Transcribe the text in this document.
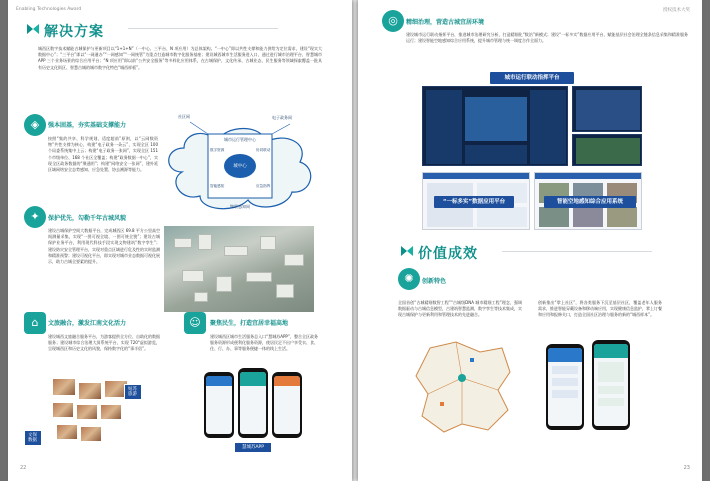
Enabling Technologies Award
解决方案
城西区数字技术赋能吉城保护与更新项目以“1+1+N”（一中心、三平台、N 项应用）为总体架构。“一中心”即以共性支撑和能力供给为定位需求，建设“现实大数据中心”；“三平台”即以“一网通办”“一网感知”“一网统管”为重点打造城市数字化服务基座；建设城西城市生活服务进入口，通过进行城市治理平台，智慧城市 APP 三个业务场景的综合应用平台；“N 项应用”即以前“公共安全服务”等多样化应用体系，在古城保护，文化传承、古城业态、民生服务等领域探索覆盖一批具有历史文化街区、智慧古城的城市数字化特色“城西样板”。
◈	强本固基，夯实基础支撑能力
按照“集约共享、科学规划、适度超前”原则，以“云网数资物”共性支撑为核心，构建“电子政务一朵云”，实现全区 100 个局委系统集中上云；构建“电子政务一张网”，实现全区 151 个市级单位、168 个社区全覆盖；构建“政务数据一中心”，实现全区政务数据的“聚通用”；构建“网络安全一张网”，建外延区域网络安全态势感知、应急处置、协去溯源等能力。
社区网	电子政务网
城市运行管理中心
城中心
数字资源
智能感知
协同联动
应急指挥
物联感知网
✦	保护优先，勾勒千年古城风貌
建设古城保护空间大数据平台，完成城西区 69.8 平方公里高空间测量采集，实现“一图可视全境、一图可统全貌”；建设古城保护业务平台，利用现代科技手段实现文物建筑“数字孪生”；建设防灾安全管理平台，实现对重点区域进行危及性的实时监测和精准预警；建设可视化平台，即实现对城市业态数据可视化展示，助力古城全要素的提升。
⌂	文旅融合，激发江南文化活力
建设城西文旅融合服务平台，为游客提供全方位、自助化的数据服务；建设城市综合治理大屏系统平台，实现 720°虚拟游览，呈现城西区和历史文化的风貌，保持数字化的“事半倍”。
☺	聚焦民生，打造宜居幸福高地
建设城西区城市生活服务总入口“慧城苏APP”，整合全区政务服务资源形成便利化服务资源，使居民足不出户享受衣、食、住、行、办、事等服务便捷一体的线上生活。
姑苏旅游
文保数据
慧城苏APP
22
授权技术大奖
◎	精细治理，营造古城宜居环境
建设城市运行联动指挥平台，推进城市治理研究分析，打造精细化“数治”新模式；建设“一标多实”数据应用平台，赋能基层社会治理全链条信息采集和精准服务运行；建设智能空地感知综合应用系统，提升城市管理与统一调度合作全面力。
城市运行联动指挥平台
“一标多实”数据应用平台	智能空地感知综合应用系统
价值成效
✺	创新特色
全国首创“古城精细数智工程”“古城级DNA 城市精细工程”理念，强调数据驱动与古城信息模型，古建筑智慧监测，数字孪生等技术集成，实现古城保护与更新利用和管理技术的先进融合。
创新推出“掌上社区”，将各类服务下沉至基层社区，覆盖老年人服务需求，推进智能穿戴设备和移动端应用，实现健康信息监护，掌上订餐和应用和报修关口，打造全国社区治理与服务的新的“城西样本”。
23
